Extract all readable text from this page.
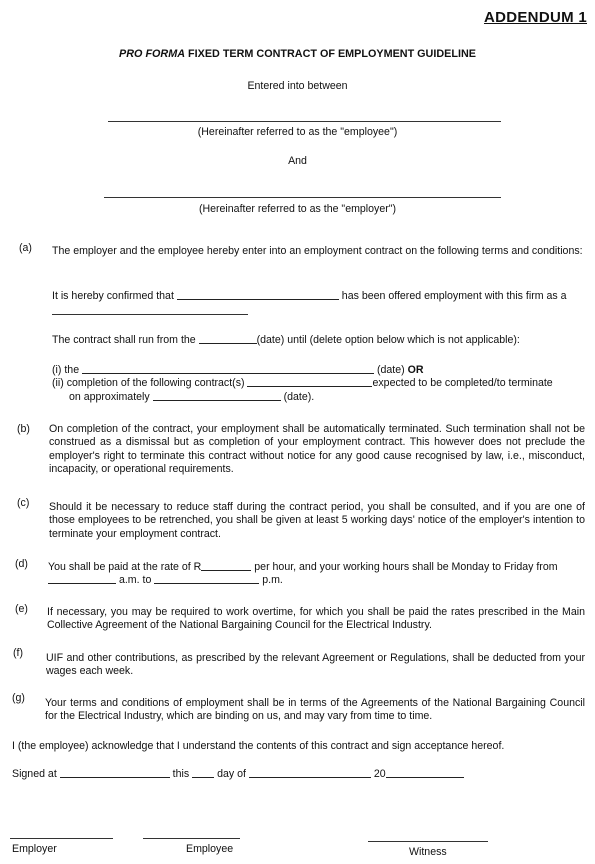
ADDENDUM 1
PRO FORMA FIXED TERM CONTRACT OF EMPLOYMENT GUIDELINE
Entered into between
(Hereinafter referred to as the "employee")
And
(Hereinafter referred to as the "employer")
(a)	The employer and the employee hereby enter into an employment contract on the following terms and conditions:
It is hereby confirmed that	has been offered employment with this firm as a
The contract shall run from the	(date) until (delete option below which is not applicable):
(i) the	(date) OR
(ii) completion of the following contract(s)	expected to be completed/to terminate
on approximately	(date).
(b)	On completion of the contract, your employment shall be automatically terminated. Such termination shall not be construed as a dismissal but as completion of your employment contract. This however does not preclude the employer's right to terminate this contract without notice for any good cause recognised by law, i.e., misconduct, incapacity, or operational requirements.
(c)	Should it be necessary to reduce staff during the contract period, you shall be consulted, and if you are one of those employees to be retrenched, you shall be given at least 5 working days' notice of the employer's intention to terminate your employment contract.
(d)	You shall be paid at the rate of R	per hour, and your working hours shall be Monday to Friday from
a.m. to	p.m.
(e)	If necessary, you may be required to work overtime, for which you shall be paid the rates prescribed in the Main Collective Agreement of the National Bargaining Council for the Electrical Industry.
(f)	UIF and other contributions, as prescribed by the relevant Agreement or Regulations, shall be deducted from your wages each week.
(g)	Your terms and conditions of employment shall be in terms of the Agreements of the National Bargaining Council for the Electrical Industry, which are binding on us, and may vary from time to time.
I (the employee) acknowledge that I understand the contents of this contract and sign acceptance hereof.
Signed at	this	day of	20
Employer	Employee	Witness
